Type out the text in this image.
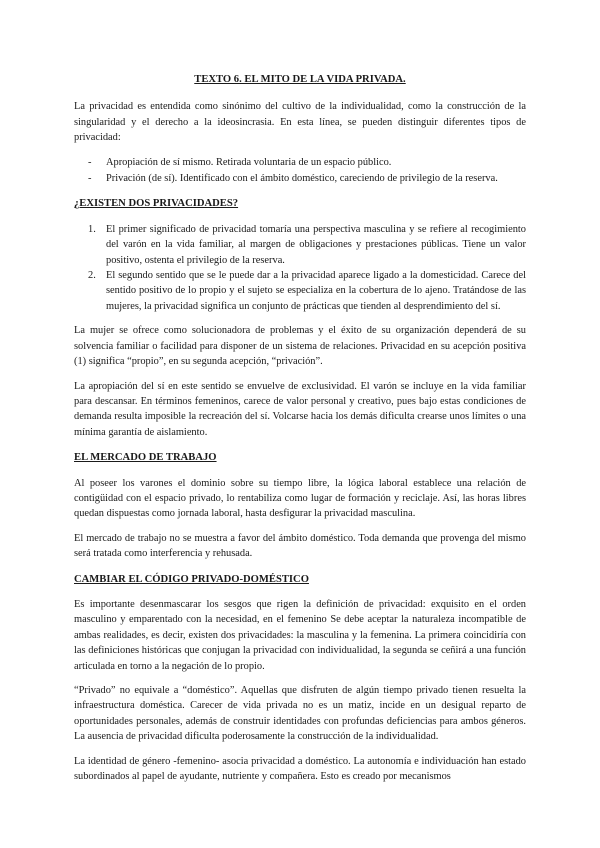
TEXTO 6. EL MITO DE LA VIDA PRIVADA.

La privacidad es entendida como sinónimo del cultivo de la individualidad, como la construcción de la singularidad y el derecho a la ideosincrasia. En esta línea, se pueden distinguir diferentes tipos de privacidad:

- Apropiación de sí mismo. Retirada voluntaria de un espacio público.
- Privación (de sí). Identificado con el ámbito doméstico, careciendo de privilegio de la reserva.
¿EXISTEN DOS PRIVACIDADES?
1. El primer significado de privacidad tomaría una perspectiva masculina y se refiere al recogimiento del varón en la vida familiar, al margen de obligaciones y prestaciones públicas. Tiene un valor positivo, ostenta el privilegio de la reserva.
2. El segundo sentido que se le puede dar a la privacidad aparece ligado a la domesticidad. Carece del sentido positivo de lo propio y el sujeto se especializa en la cobertura de lo ajeno. Tratándose de las mujeres, la privacidad significa un conjunto de prácticas que tienden al desprendimiento del sí.

La mujer se ofrece como solucionadora de problemas y el éxito de su organización dependerá de su solvencia familiar o facilidad para disponer de un sistema de relaciones. Privacidad en su acepción positiva (1) significa “propio”, en su segunda acepción, “privación”.

La apropiación del sí en este sentido se envuelve de exclusividad. El varón se incluye en la vida familiar para descansar. En términos femeninos, carece de valor personal y creativo, pues bajo estas condiciones de demanda resulta imposible la recreación del sí. Volcarse hacia los demás dificulta crearse unos límites o una mínima garantía de aislamiento.

EL MERCADO DE TRABAJO

Al poseer los varones el dominio sobre su tiempo libre, la lógica laboral establece una relación de contigüidad con el espacio privado, lo rentabiliza como lugar de formación y reciclaje. Así, las horas libres quedan dispuestas como jornada laboral, hasta desfigurar la privacidad masculina.

El mercado de trabajo no se muestra a favor del ámbito doméstico. Toda demanda que provenga del mismo será tratada como interferencia y rehusada.

CAMBIAR EL CÓDIGO PRIVADO-DOMÉSTICO

Es importante desenmascarar los sesgos que rigen la definición de privacidad: exquisito en el orden masculino y emparentado con la necesidad, en el femenino Se debe aceptar la naturaleza incompatible de ambas realidades, es decir, existen dos privacidades: la masculina y la femenina. La primera coincidiría con las definiciones históricas que conjugan la privacidad con individualidad, la segunda se ceñirá a una función articulada en torno a la negación de lo propio.

“Privado” no equivale a “doméstico”. Aquellas que disfruten de algún tiempo privado tienen resuelta la infraestructura doméstica. Carecer de vida privada no es un matiz, incide en un desigual reparto de oportunidades personales, además de construir identidades con profundas deficiencias para ambos géneros. La ausencia de privacidad dificulta poderosamente la construcción de la individualidad.

La identidad de género -femenino- asocia privacidad a doméstico. La autonomía e individuación han estado subordinados al papel de ayudante, nutriente y compañera. Esto es creado por mecanismos
